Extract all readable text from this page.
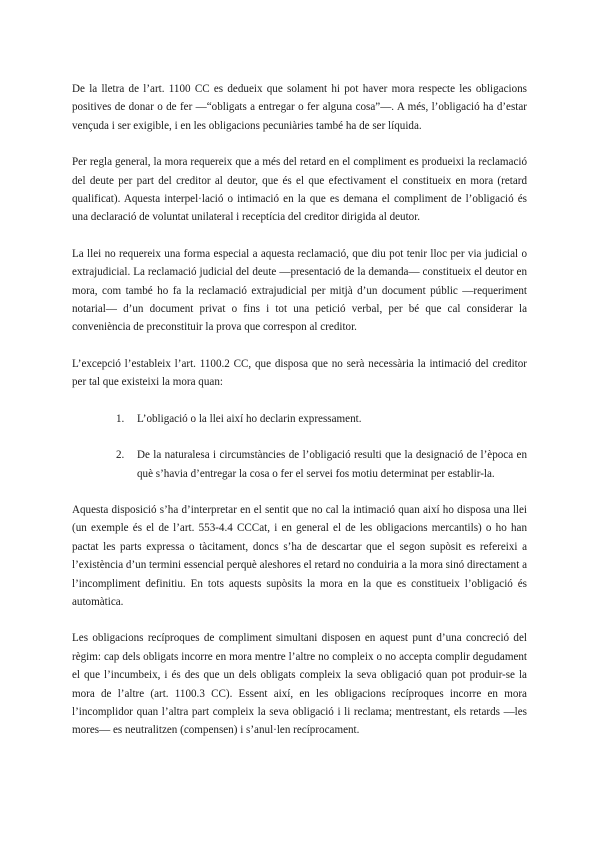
De la lletra de l’art. 1100 CC es dedueix que solament hi pot haver mora respecte les obligacions positives de donar o de fer —“obligats a entregar o fer alguna cosa”—. A més, l’obligació ha d’estar vençuda i ser exigible, i en les obligacions pecuniàries també ha de ser líquida.

Per regla general, la mora requereix que a més del retard en el compliment es produeixi la reclamació del deute per part del creditor al deutor, que és el que efectivament el constitueix en mora (retard qualificat). Aquesta interpel·lació o intimació en la que es demana el compliment de l’obligació és una declaració de voluntat unilateral i receptícia del creditor dirigida al deutor.

La llei no requereix una forma especial a aquesta reclamació, que diu pot tenir lloc per via judicial o extrajudicial. La reclamació judicial del deute —presentació de la demanda— constitueix el deutor en mora, com també ho fa la reclamació extrajudicial per mitjà d’un document públic —requeriment notarial— d’un document privat o fins i tot una petició verbal, per bé que cal considerar la conveniència de preconstituir la prova que correspon al creditor.

L’excepció l’estableix l’art. 1100.2 CC, que disposa que no serà necessària la intimació del creditor per tal que existeixi la mora quan:

1. L’obligació o la llei així ho declarin expressament.
2. De la naturalesa i circumstàncies de l’obligació resulti que la designació de l’època en què s’havia d’entregar la cosa o fer el servei fos motiu determinat per establir-la.

Aquesta disposició s’ha d’interpretar en el sentit que no cal la intimació quan així ho disposa una llei (un exemple és el de l’art. 553-4.4 CCCat, i en general el de les obligacions mercantils) o ho han pactat les parts expressa o tàcitament, doncs s’ha de descartar que el segon supòsit es refereixi a l’existència d’un termini essencial perquè aleshores el retard no conduiria a la mora sinó directament a l’incompliment definitiu. En tots aquests supòsits la mora en la que es constitueix l’obligació és automàtica.

Les obligacions recíproques de compliment simultani disposen en aquest punt d’una concreció del règim: cap dels obligats incorre en mora mentre l’altre no compleix o no accepta complir degudament el que l’incumbeix, i és des que un dels obligats compleix la seva obligació quan pot produir-se la mora de l’altre (art. 1100.3 CC). Essent així, en les obligacions recíproques incorre en mora l’incomplidor quan l’altra part compleix la seva obligació i li reclama; mentrestant, els retards —les mores— es neutralitzen (compensen) i s’anul·len recíprocament.
